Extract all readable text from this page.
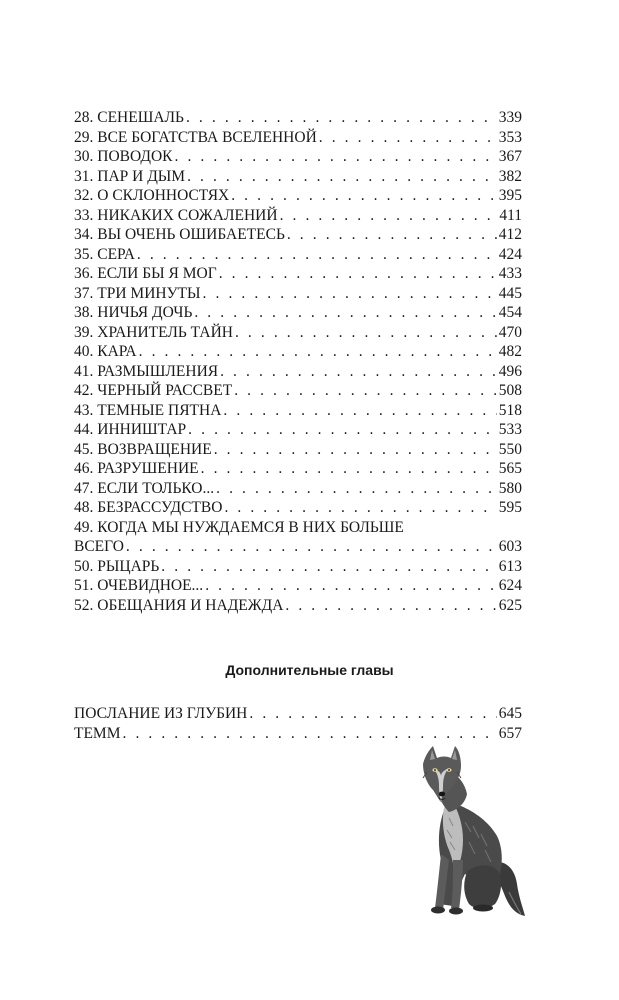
28. СЕНЕШАЛЬ . . .	339
29. ВСЕ БОГАТСТВА ВСЕЛЕННОЙ . . .	353
30. ПОВОДОК . . .	367
31. ПАР И ДЫМ . . .	382
32. О СКЛОННОСТЯХ . . .	395
33. НИКАКИХ СОЖАЛЕНИЙ . . .	411
34. ВЫ ОЧЕНЬ ОШИБАЕТЕСЬ . . .	412
35. СЕРА . . .	424
36. ЕСЛИ БЫ Я МОГ . . .	433
37. ТРИ МИНУТЫ . . .	445
38. НИЧЬЯ ДОЧЬ . . .	454
39. ХРАНИТЕЛЬ ТАЙН . . .	470
40. КАРА . . .	482
41. РАЗМЫШЛЕНИЯ . . .	496
42. ЧЕРНЫЙ РАССВЕТ . . .	508
43. ТЕМНЫЕ ПЯТНА . . .	518
44. ИННИШТАР . . .	533
45. ВОЗВРАЩЕНИЕ . . .	550
46. РАЗРУШЕНИЕ . . .	565
47. ЕСЛИ ТОЛЬКО... . . .	580
48. БЕЗРАССУДСТВО . . .	595
49. КОГДА МЫ НУЖДАЕМСЯ В НИХ БОЛЬШЕ
ВСЕГО . . .	603
50. РЫЦАРЬ . . .	613
51. ОЧЕВИДНОЕ... . . .	624
52. ОБЕЩАНИЯ И НАДЕЖДА . . .	625
Дополнительные главы
ПОСЛАНИЕ ИЗ ГЛУБИН . . .	645
ТЕММ . . .	657
